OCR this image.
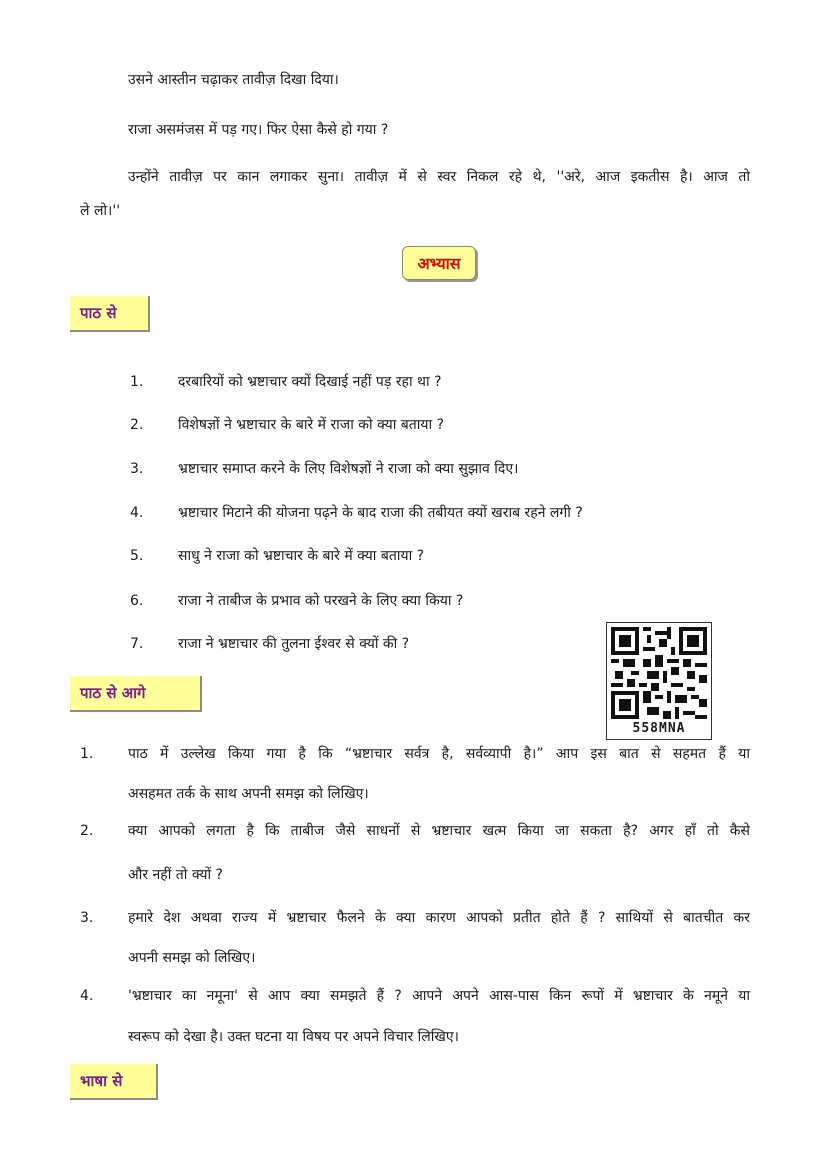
उसने आस्तीन चढ़ाकर तावीज़ दिखा दिया।

राजा असमंजस में पड़ गए। फिर ऐसा कैसे हो गया ?

उन्होंने तावीज़ पर कान लगाकर सुना। तावीज़ में से स्वर निकल रहे थे, ''अरे, आज इकतीस है। आज तो

ले लो।''

अभ्यास
पाठ से
1. दरबारियों को भ्रष्टाचार क्यों दिखाई नहीं पड़ रहा था ?
2. विशेषज्ञों ने भ्रष्टाचार के बारे में राजा को क्या बताया ?
3. भ्रष्टाचार समाप्त करने के लिए विशेषज्ञों ने राजा को क्या सुझाव दिए।
4. भ्रष्टाचार मिटाने की योजना पढ़ने के बाद राजा की तबीयत क्यों खराब रहने लगी ?
5. साधु ने राजा को भ्रष्टाचार के बारे में क्या बताया ?
6. राजा ने ताबीज के प्रभाव को परखने के लिए क्या किया ?
7. राजा ने भ्रष्टाचार की तुलना ईश्वर से क्यों की ?
558MNA
पाठ से आगे
1. पाठ में उल्लेख किया गया है कि “भ्रष्टाचार सर्वत्र है, सर्वव्यापी है।” आप इस बात से सहमत हैं या
असहमत तर्क के साथ अपनी समझ को लिखिए।
2. क्या आपको लगता है कि ताबीज जैसे साधनों से भ्रष्टाचार खत्म किया जा सकता है? अगर हाँ तो कैसे
और नहीं तो क्यों ?
3. हमारे देश अथवा राज्य में भ्रष्टाचार फैलने के क्या कारण आपको प्रतीत होते हैं ? साथियों से बातचीत कर
अपनी समझ को लिखिए।
4. 'भ्रष्टाचार का नमूना' से आप क्या समझते हैं ? आपने अपने आस-पास किन रूपों में भ्रष्टाचार के नमूने या
स्वरूप को देखा है। उक्त घटना या विषय पर अपने विचार लिखिए।
भाषा से
